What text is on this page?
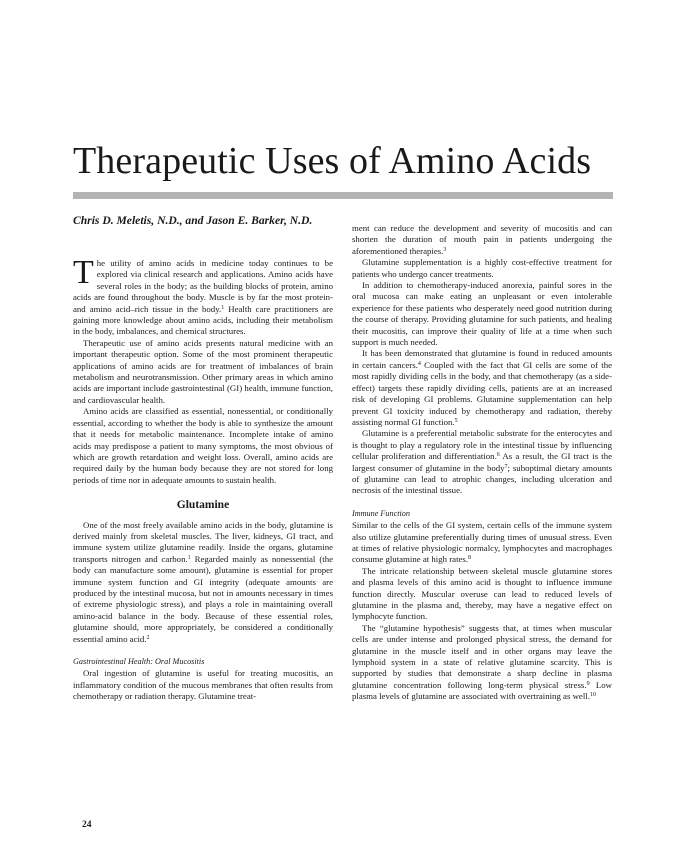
Therapeutic Uses of Amino Acids
Chris D. Meletis, N.D., and Jason E. Barker, N.D.

The utility of amino acids in medicine today continues to be explored via clinical research and applications. Amino acids have several roles in the body; as the building blocks of protein, amino acids are found throughout the body. Muscle is by far the most protein- and amino acid–rich tissue in the body.$^1$ Health care practitioners are gaining more knowledge about amino acids, including their metabolism in the body, imbalances, and chemical structures.

Therapeutic use of amino acids presents natural medicine with an important therapeutic option. Some of the most prominent therapeutic applications of amino acids are for treatment of imbalances of brain metabolism and neurotransmission. Other primary areas in which amino acids are important include gastrointestinal (GI) health, immune function, and cardiovascular health.

Amino acids are classified as essential, nonessential, or conditionally essential, according to whether the body is able to synthesize the amount that it needs for metabolic maintenance. Incomplete intake of amino acids may predispose a patient to many symptoms, the most obvious of which are growth retardation and weight loss. Overall, amino acids are required daily by the human body because they are not stored for long periods of time nor in adequate amounts to sustain health.

Glutamine

One of the most freely available amino acids in the body, glutamine is derived mainly from skeletal muscles. The liver, kidneys, GI tract, and immune system utilize glutamine readily. Inside the organs, glutamine transports nitrogen and carbon.$^1$ Regarded mainly as nonessential (the body can manufacture some amount), glutamine is essential for proper immune system function and GI integrity (adequate amounts are produced by the intestinal mucosa, but not in amounts necessary in times of extreme physiologic stress), and plays a role in maintaining overall amino-acid balance in the body. Because of these essential roles, glutamine should, more appropriately, be considered a conditionally essential amino acid.$^2$

Gastrointestinal Health: Oral Mucositis

Oral ingestion of glutamine is useful for treating mucositis, an inflammatory condition of the mucous membranes that often results from chemotherapy or radiation therapy. Glutamine treat-

ment can reduce the development and severity of mucositis and can shorten the duration of mouth pain in patients undergoing the aforementioned therapies.$^3$

Glutamine supplementation is a highly cost-effective treatment for patients who undergo cancer treatments.

In addition to chemotherapy-induced anorexia, painful sores in the oral mucosa can make eating an unpleasant or even intolerable experience for these patients who desperately need good nutrition during the course of therapy. Providing glutamine for such patients, and healing their mucositis, can improve their quality of life at a time when such support is much needed.

It has been demonstrated that glutamine is found in reduced amounts in certain cancers.$^4$ Coupled with the fact that GI cells are some of the most rapidly dividing cells in the body, and that chemotherapy (as a side-effect) targets these rapidly dividing cells, patients are at an increased risk of developing GI problems. Glutamine supplementation can help prevent GI toxicity induced by chemotherapy and radiation, thereby assisting normal GI function.$^5$

Glutamine is a preferential metabolic substrate for the enterocytes and is thought to play a regulatory role in the intestinal tissue by influencing cellular proliferation and differentiation.$^6$ As a result, the GI tract is the largest consumer of glutamine in the body$^7$; suboptimal dietary amounts of glutamine can lead to atrophic changes, including ulceration and necrosis of the intestinal tissue.

Immune Function

Similar to the cells of the GI system, certain cells of the immune system also utilize glutamine preferentially during times of unusual stress. Even at times of relative physiologic normalcy, lymphocytes and macrophages consume glutamine at high rates.$^8$

The intricate relationship between skeletal muscle glutamine stores and plasma levels of this amino acid is thought to influence immune function directly. Muscular overuse can lead to reduced levels of glutamine in the plasma and, thereby, may have a negative effect on lymphocyte function.

The “glutamine hypothesis” suggests that, at times when muscular cells are under intense and prolonged physical stress, the demand for glutamine in the muscle itself and in other organs may leave the lymphoid system in a state of relative glutamine scarcity. This is supported by studies that demonstrate a sharp decline in plasma glutamine concentration following long-term physical stress.$^9$ Low plasma levels of glutamine are associated with overtraining as well.$^{10}$

24
